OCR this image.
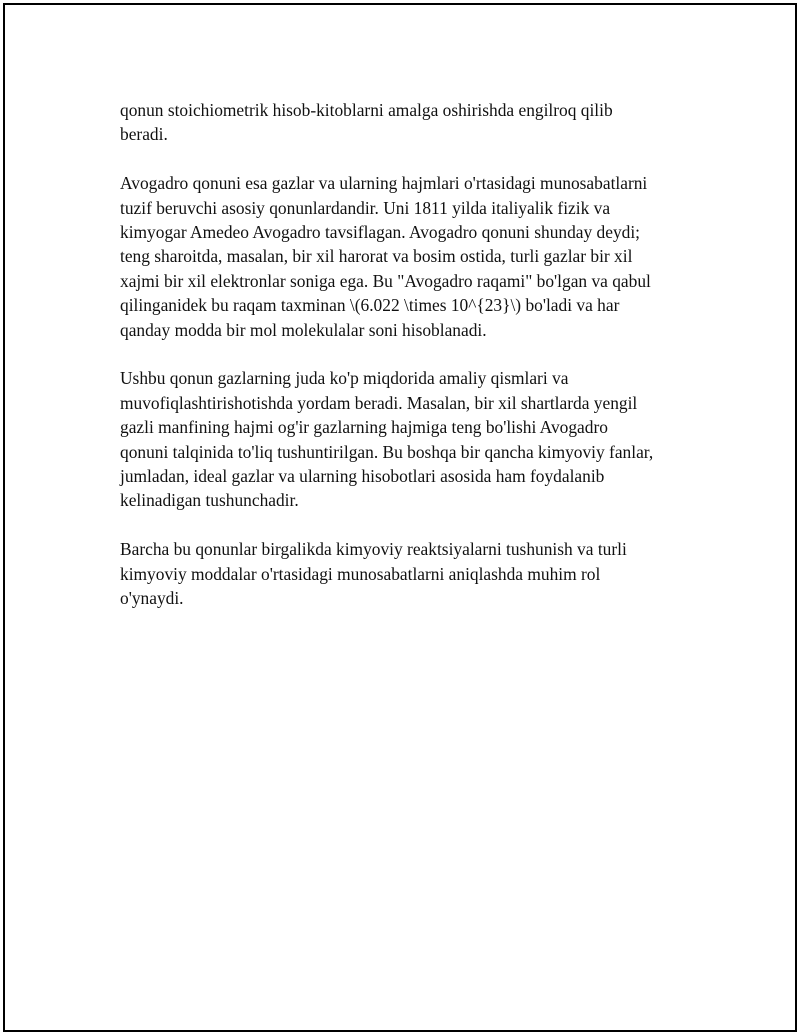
qonun stoichiometrik hisob-kitoblarni amalga oshirishda engilroq qilib
beradi.

Avogadro qonuni esa gazlar va ularning hajmlari o'rtasidagi munosabatlarni
tuzif beruvchi asosiy qonunlardandir. Uni 1811 yilda italiyalik fizik va
kimyogar Amedeo Avogadro tavsiflagan. Avogadro qonuni shunday deydi;
teng sharoitda, masalan, bir xil harorat va bosim ostida, turli gazlar bir xil
xajmi bir xil elektronlar soniga ega. Bu "Avogadro raqami" bo'lgan va qabul
qilinganidek bu raqam taxminan \(6.022 \times 10^{23}\) bo'ladi va har
qanday modda bir mol molekulalar soni hisoblanadi.

Ushbu qonun gazlarning juda ko'p miqdorida amaliy qismlari va
muvofiqlashtirishotishda yordam beradi. Masalan, bir xil shartlarda yengil
gazli manfining hajmi og'ir gazlarning hajmiga teng bo'lishi Avogadro
qonuni talqinida to'liq tushuntirilgan. Bu boshqa bir qancha kimyoviy fanlar,
jumladan, ideal gazlar va ularning hisobotlari asosida ham foydalanib
kelinadigan tushunchadir.

Barcha bu qonunlar birgalikda kimyoviy reaktsiyalarni tushunish va turli
kimyoviy moddalar o'rtasidagi munosabatlarni aniqlashda muhim rol
o'ynaydi.
